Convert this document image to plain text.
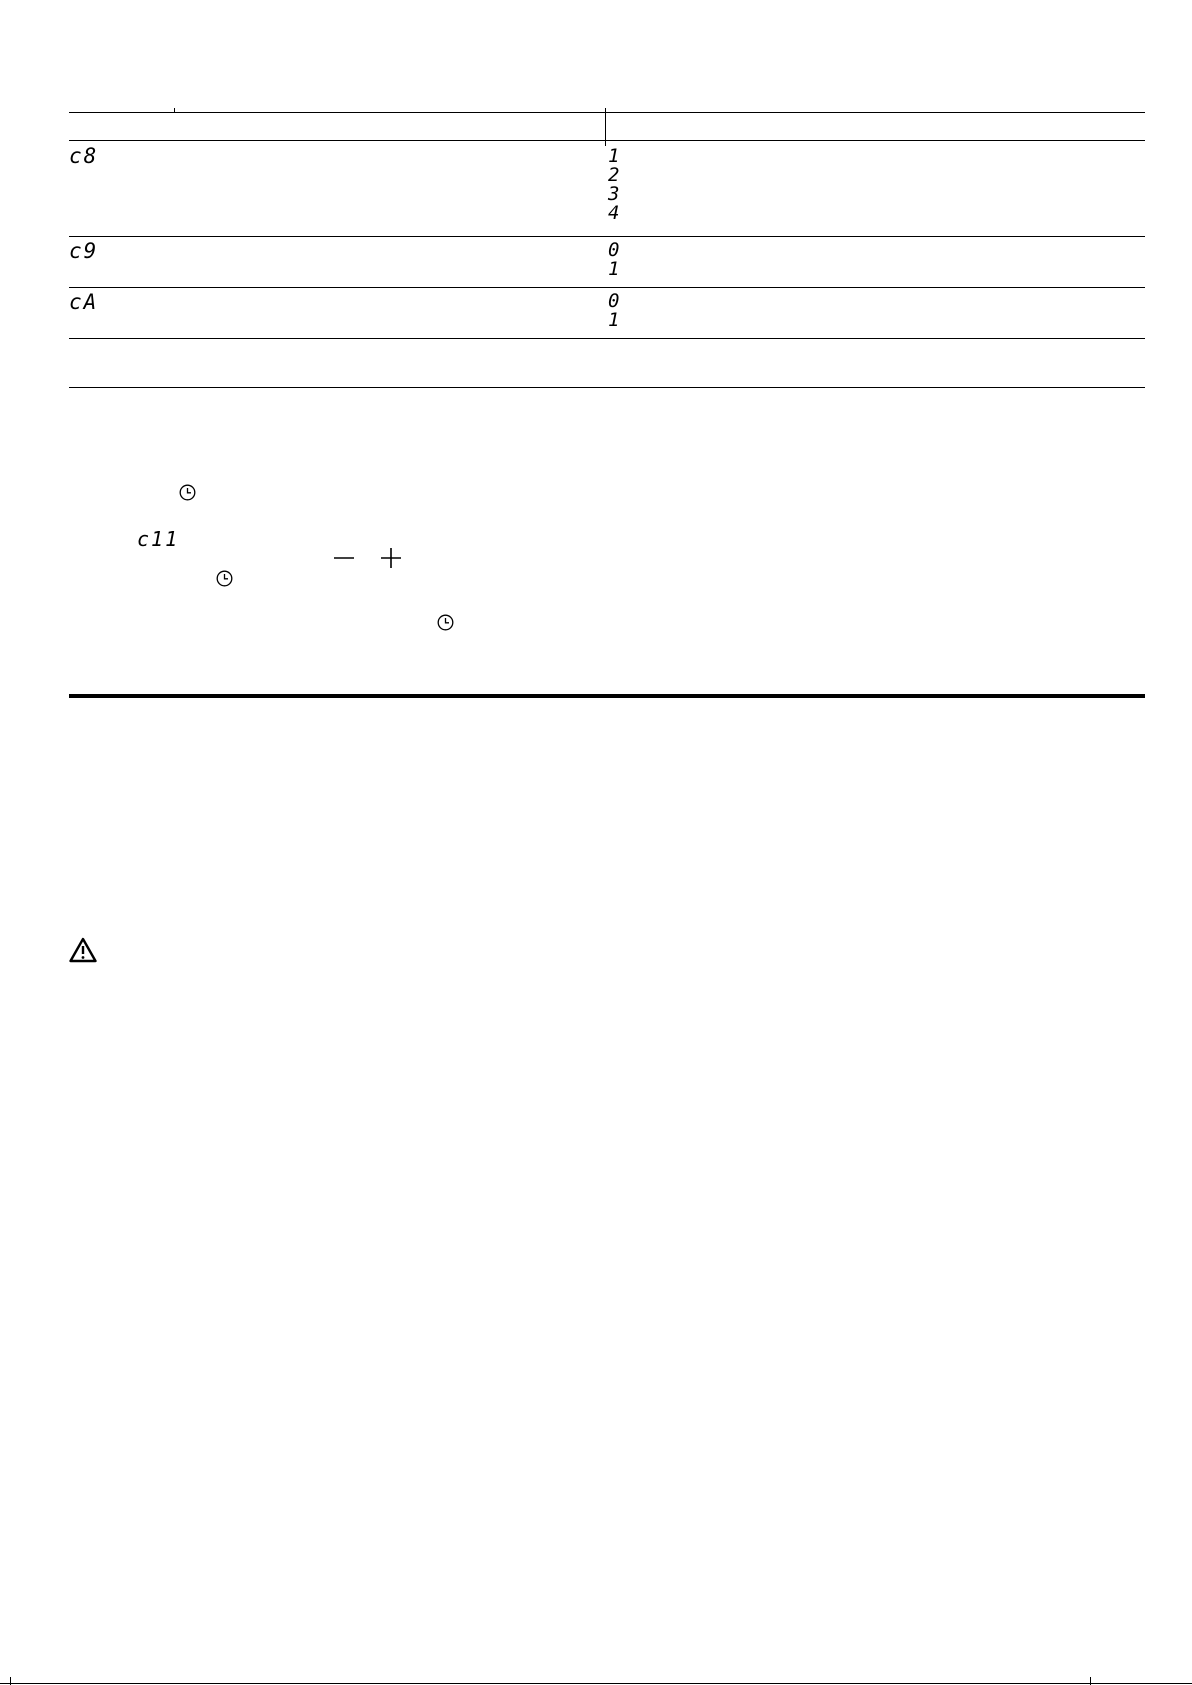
c8	1
2
3
4
c9	0
1
cA	0
1
c11
